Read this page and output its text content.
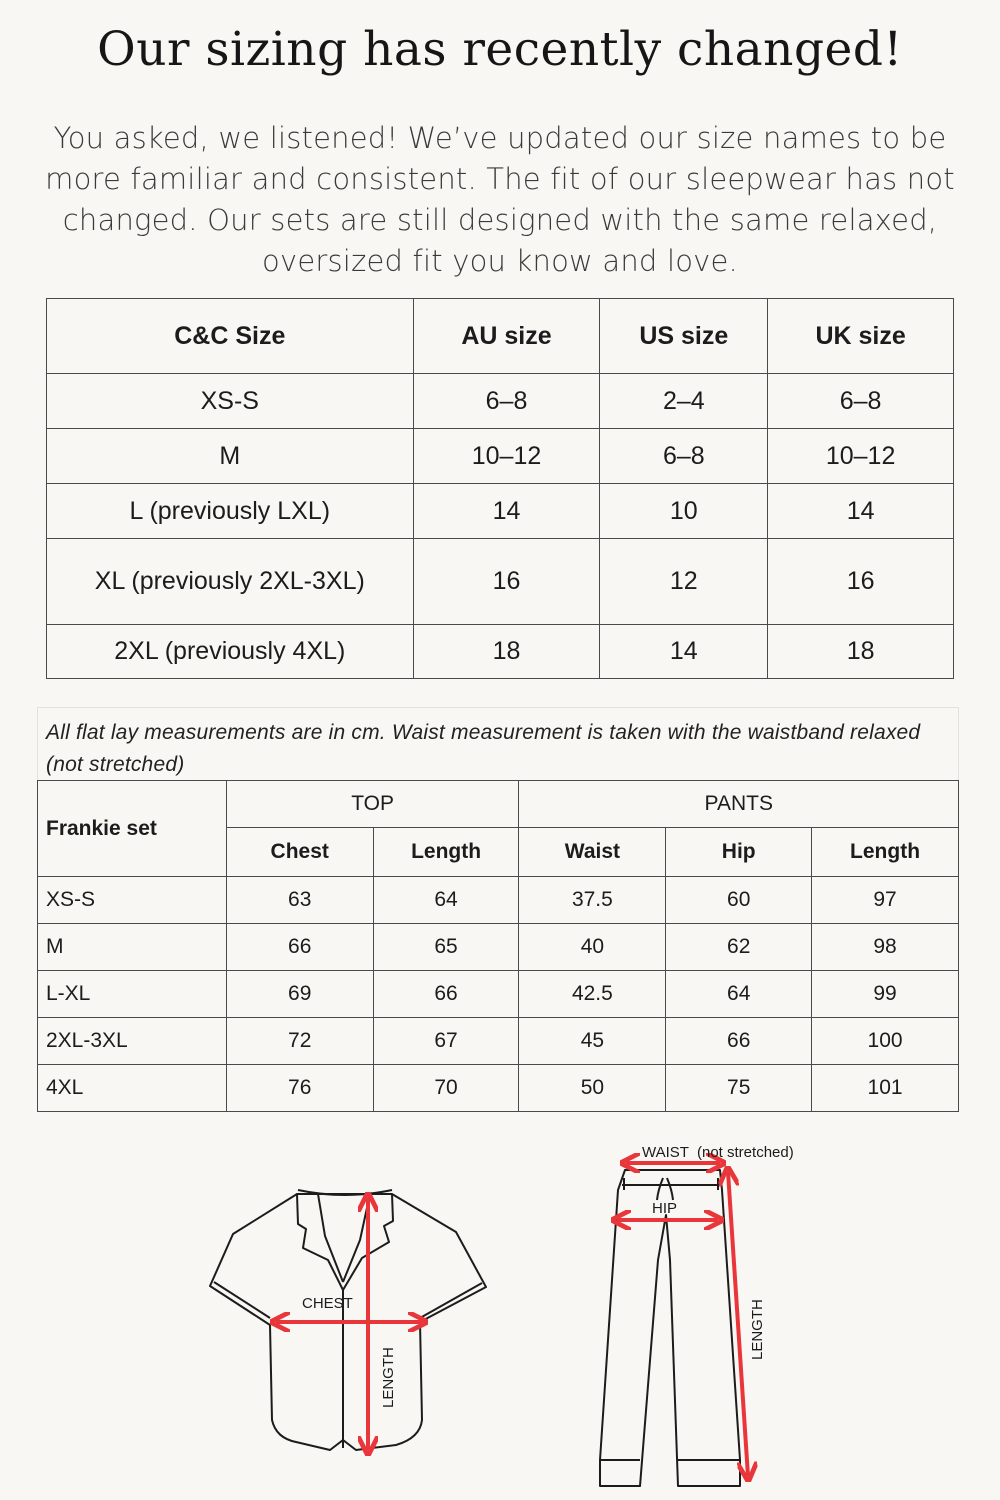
Our sizing has recently changed!

You asked, we listened! We’ve updated our size names to be more familiar and consistent. The fit of our sleepwear has not changed. Our sets are still designed with the same relaxed, oversized fit you know and love.

C&C Size	AU size	US size	UK size
XS-S	6–8	2–4	6–8
M	10–12	6–8	10–12
L (previously LXL)	14	10	14
XL (previously 2XL-3XL)	16	12	16
2XL (previously 4XL)	18	14	18
All flat lay measurements are in cm. Waist measurement is taken with the waistband relaxed (not stretched)
Frankie set	TOP		PANTS		
	Chest	Length	Waist	Hip	Length
XS-S	63	64	37.5	60	97
M	66	65	40	62	98
L-XL	69	66	42.5	64	99
2XL-3XL	72	67	45	66	100
4XL	76	70	50	75	101
CHEST
LENGTH
WAIST  (not stretched)
HIP
LENGTH
